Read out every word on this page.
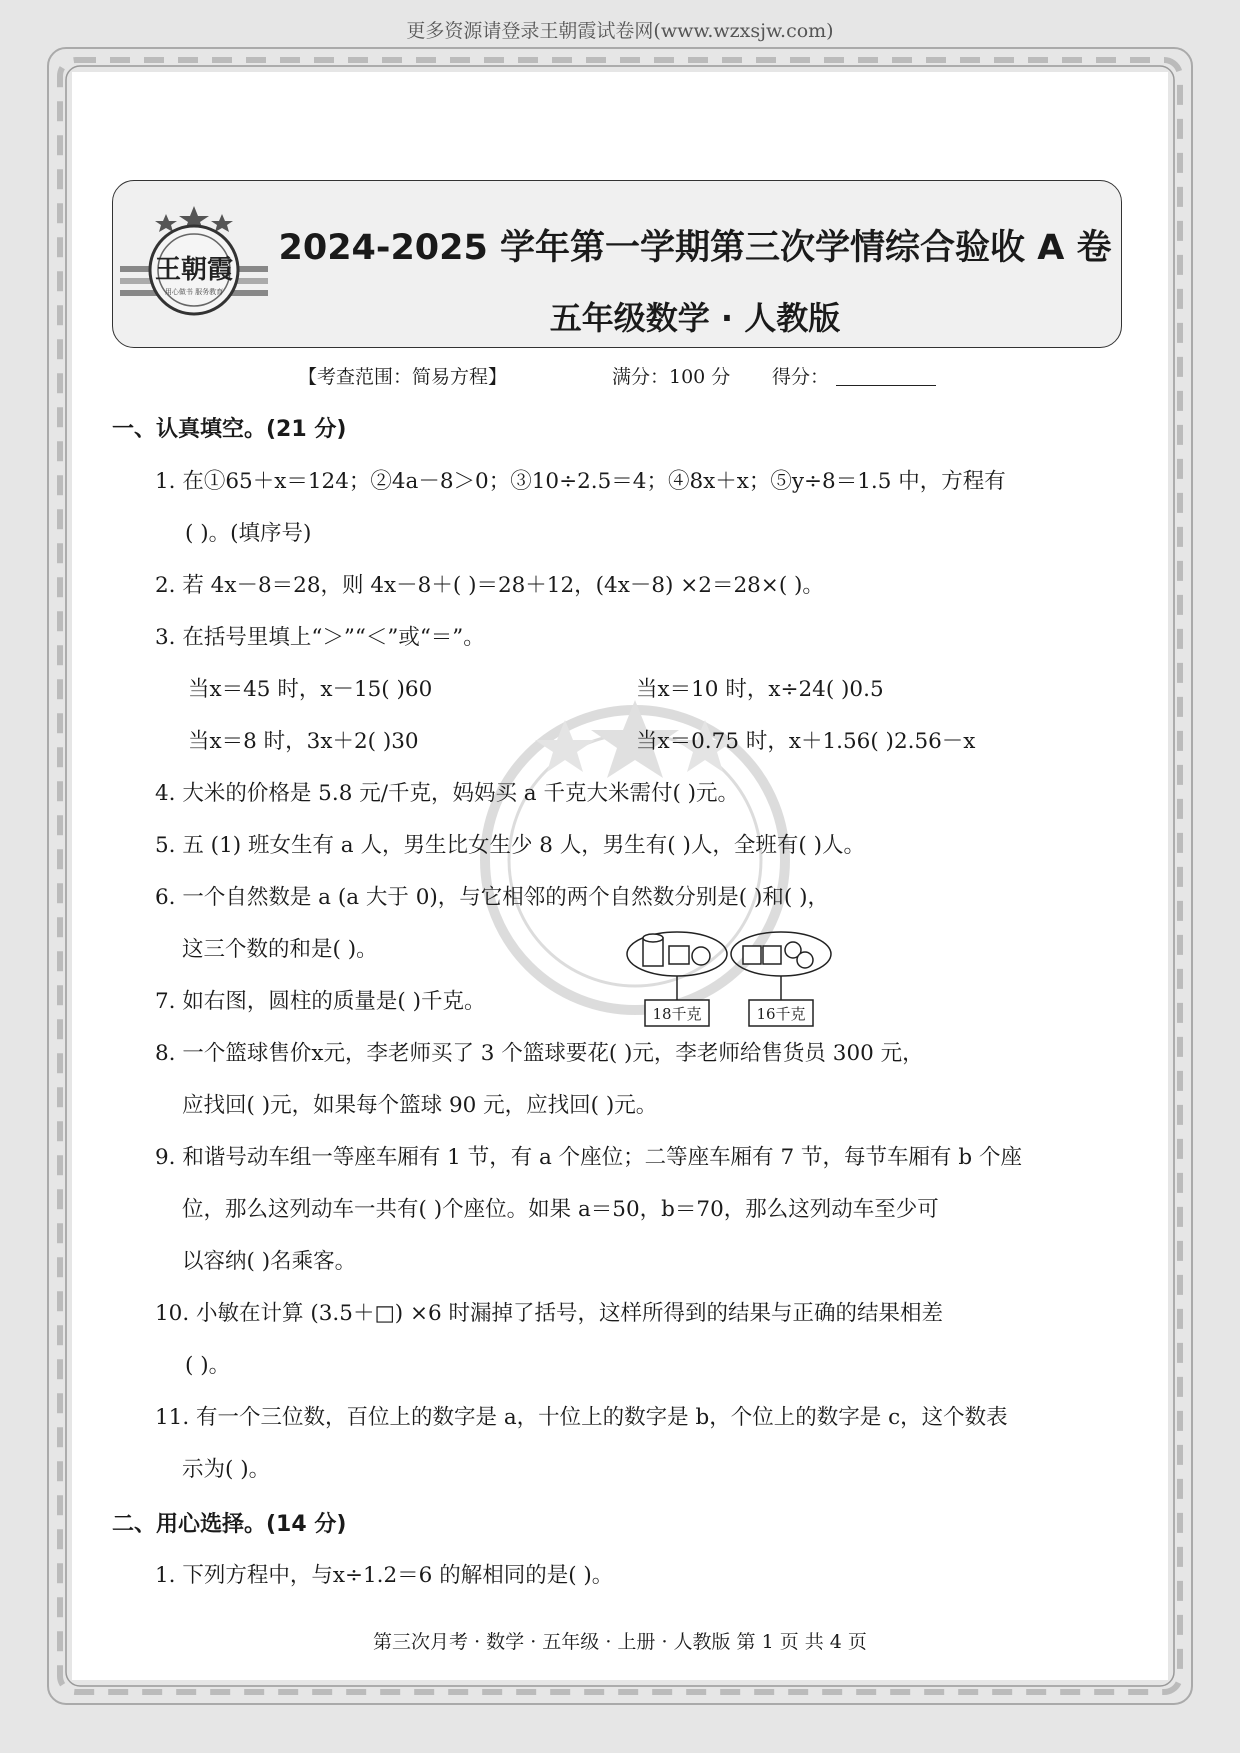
更多资源请登录王朝霞试卷网(www.wzxsjw.com)
王朝霞
用心做书 服务教育
2024-2025 学年第一学期第三次学情综合验收 A 卷
五年级数学 · 人教版
【考查范围：简易方程】	满分：100 分 得分：
一、认真填空。(21 分)
1. 在①65＋x＝124；②4a－8＞0；③10÷2.5＝4；④8x＋x；⑤y÷8＝1.5 中，方程有
( )。(填序号)
2. 若 4x－8＝28，则 4x－8＋( )＝28＋12，(4x－8) ×2＝28×( )。
3. 在括号里填上“＞”“＜”或“＝”。
当x＝45 时，x－15( )60	当x＝10 时，x÷24( )0.5
当x＝8 时，3x＋2( )30	当x＝0.75 时，x＋1.56( )2.56－x
4. 大米的价格是 5.8 元/千克，妈妈买 a 千克大米需付( )元。
5. 五 (1) 班女生有 a 人，男生比女生少 8 人，男生有( )人，全班有( )人。
6. 一个自然数是 a (a 大于 0)，与它相邻的两个自然数分别是( )和( )，
这三个数的和是( )。
7. 如右图，圆柱的质量是( )千克。	18千克	16千克
8. 一个篮球售价x元，李老师买了 3 个篮球要花( )元，李老师给售货员 300 元，
应找回( )元，如果每个篮球 90 元，应找回( )元。
9. 和谐号动车组一等座车厢有 1 节，有 a 个座位；二等座车厢有 7 节，每节车厢有 b 个座
位，那么这列动车一共有( )个座位。如果 a＝50，b＝70，那么这列动车至少可
以容纳( )名乘客。
10. 小敏在计算 (3.5＋□) ×6 时漏掉了括号，这样所得到的结果与正确的结果相差
( )。
11. 有一个三位数，百位上的数字是 a，十位上的数字是 b，个位上的数字是 c，这个数表
示为( )。
二、用心选择。(14 分)
1. 下列方程中，与x÷1.2＝6 的解相同的是( )。
第三次月考 · 数学 · 五年级 · 上册 · 人教版 第 1 页 共 4 页
